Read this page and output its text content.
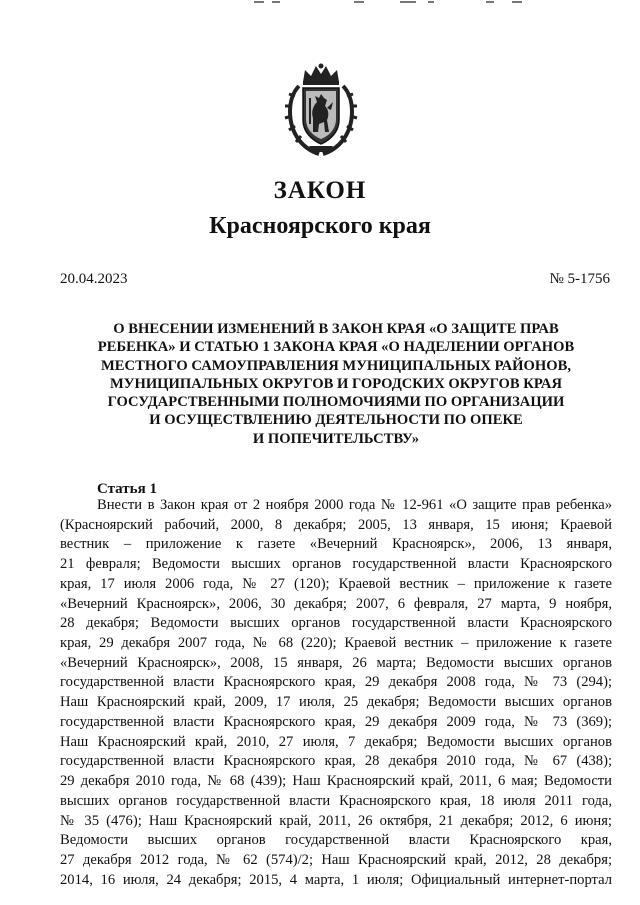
ЗАКОН
Красноярского края
20.04.2023	№ 5-1756
О ВНЕСЕНИИ ИЗМЕНЕНИЙ В ЗАКОН КРАЯ «О ЗАЩИТЕ ПРАВ
РЕБЕНКА» И СТАТЬЮ 1 ЗАКОНА КРАЯ «О НАДЕЛЕНИИ ОРГАНОВ
МЕСТНОГО САМОУПРАВЛЕНИЯ МУНИЦИПАЛЬНЫХ РАЙОНОВ,
МУНИЦИПАЛЬНЫХ ОКРУГОВ И ГОРОДСКИХ ОКРУГОВ КРАЯ
ГОСУДАРСТВЕННЫМИ ПОЛНОМОЧИЯМИ ПО ОРГАНИЗАЦИИ
И ОСУЩЕСТВЛЕНИЮ ДЕЯТЕЛЬНОСТИ ПО ОПЕКЕ
И ПОПЕЧИТЕЛЬСТВУ»
Статья 1
Внести в Закон края от 2 ноября 2000 года № 12-961 «О защите прав ребенка»
(Красноярский рабочий, 2000, 8 декабря; 2005, 13 января, 15 июня; Краевой
вестник – приложение к газете «Вечерний Красноярск», 2006, 13 января,
21 февраля; Ведомости высших органов государственной власти Красноярского
края, 17 июля 2006 года, № 27 (120); Краевой вестник – приложение к газете
«Вечерний Красноярск», 2006, 30 декабря; 2007, 6 февраля, 27 марта, 9 ноября,
28 декабря; Ведомости высших органов государственной власти Красноярского
края, 29 декабря 2007 года, № 68 (220); Краевой вестник – приложение к газете
«Вечерний Красноярск», 2008, 15 января, 26 марта; Ведомости высших органов
государственной власти Красноярского края, 29 декабря 2008 года, № 73 (294);
Наш Красноярский край, 2009, 17 июля, 25 декабря; Ведомости высших органов
государственной власти Красноярского края, 29 декабря 2009 года, № 73 (369);
Наш Красноярский край, 2010, 27 июля, 7 декабря; Ведомости высших органов
государственной власти Красноярского края, 28 декабря 2010 года, № 67 (438);
29 декабря 2010 года, № 68 (439); Наш Красноярский край, 2011, 6 мая; Ведомости
высших органов государственной власти Красноярского края, 18 июля 2011 года,
№ 35 (476); Наш Красноярский край, 2011, 26 октября, 21 декабря; 2012, 6 июня;
Ведомости высших органов государственной власти Красноярского края,
27 декабря 2012 года, № 62 (574)/2; Наш Красноярский край, 2012, 28 декабря;
2014, 16 июля, 24 декабря; 2015, 4 марта, 1 июля; Официальный интернет-портал
